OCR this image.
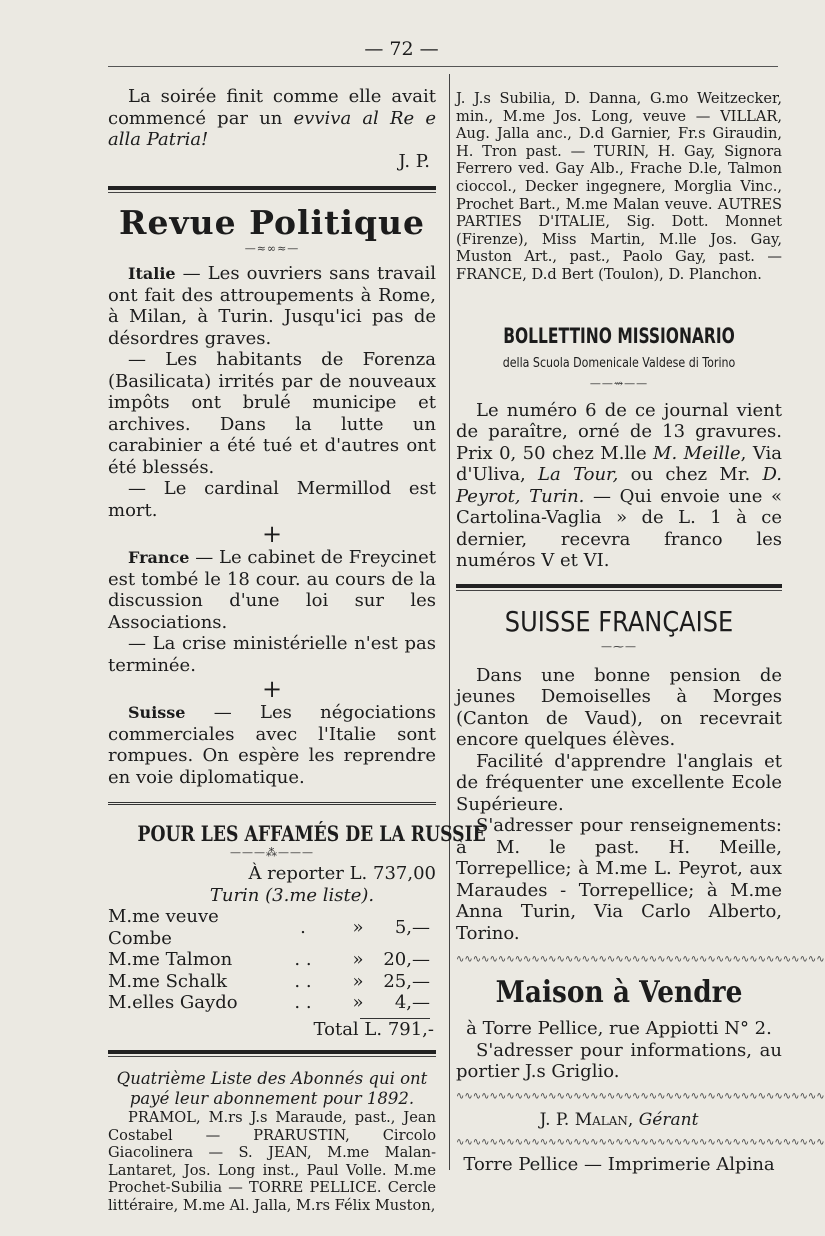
— 72 —

La soirée finit comme elle avait commencé par un evviva al Re e alla Patria!

J. P.

Revue Politique

—≈∞≈—

Italie — Les ouvriers sans travail ont fait des attroupements à Rome, à Milan, à Turin. Jusqu'ici pas de désordres graves.

— Les habitants de Forenza (Basilicata) irrités par de nouveaux impôts ont brulé municipe et archives. Dans la lutte un carabinier a été tué et d'autres ont été blessés.

— Le cardinal Mermillod est mort.

+

France — Le cabinet de Freycinet est tombé le 18 cour. au cours de la discussion d'une loi sur les Associations.

— La crise ministérielle n'est pas terminée.

+

Suisse — Les négociations commerciales avec l'Italie sont rompues. On espère les reprendre en voie diplomatique.

POUR LES AFFAMÉS DE LA RUSSIE

———⁂———

À reporter L. 737,00

Turin (3.me liste).

M.me veuve Combe	.	»	5,—
M.me Talmon	. .	»	20,—
M.me Schalk	. .	»	25,—
M.elles Gaydo	. .	»	4,—

Total L. 791,-

Quatrième Liste des Abonnés qui ont payé leur abonnement pour 1892.

PRAMOL, M.rs J.s Maraude, past., Jean Costabel — PRARUSTIN, Circolo Giacolinera — S. JEAN, M.me Malan-Lantaret, Jos. Long inst., Paul Volle. M.me Prochet-Subilia — TORRE PELLICE. Cercle littéraire, M.me Al. Jalla, M.rs Félix Muston,

J. J.s Subilia, D. Danna, G.mo Weitzecker, min., M.me Jos. Long, veuve — VILLAR, Aug. Jalla anc., D.d Garnier, Fr.s Giraudin, H. Tron past. — TURIN, H. Gay, Signora Ferrero ved. Gay Alb., Frache D.le, Talmon cioccol., Decker ingegnere, Morglia Vinc., Prochet Bart., M.me Malan veuve. AUTRES PARTIES D'ITALIE, Sig. Dott. Monnet (Firenze), Miss Martin, M.lle Jos. Gay, Muston Art., past., Paolo Gay, past. — FRANCE, D.d Bert (Toulon), D. Planchon.

BOLLETTINO MISSIONARIO

della Scuola Domenicale Valdese di Torino

——⇝——

Le numéro 6 de ce journal vient de paraître, orné de 13 gravures. Prix 0, 50 chez M.lle M. Meille, Via d'Uliva, La Tour, ou chez Mr. D. Peyrot, Turin. — Qui envoie une « Cartolina-Vaglia » de L. 1 à ce dernier, recevra franco les numéros V et VI.

SUISSE FRANÇAISE

—⁓—

Dans une bonne pension de jeunes Demoiselles à Morges (Canton de Vaud), on recevrait encore quelques élèves.

Facilité d'apprendre l'anglais et de fréquenter une excellente Ecole Supérieure.

S'adresser pour renseignements: à M. le past. H. Meille, Torrepellice; à M.me L. Peyrot, aux Maraudes - Torrepellice; à M.me Anna Turin, Via Carlo Alberto, Torino.

∿∿∿∿∿∿∿∿∿∿∿∿∿∿∿∿∿∿∿∿∿∿∿∿∿∿∿∿∿∿∿∿∿∿∿∿∿∿∿∿∿∿∿∿

Maison à Vendre

à Torre Pellice, rue Appiotti N° 2.

S'adresser pour informations, au portier J.s Griglio.

∿∿∿∿∿∿∿∿∿∿∿∿∿∿∿∿∿∿∿∿∿∿∿∿∿∿∿∿∿∿∿∿∿∿∿∿∿∿∿∿∿∿∿∿

J. P. Malan, Gérant

∿∿∿∿∿∿∿∿∿∿∿∿∿∿∿∿∿∿∿∿∿∿∿∿∿∿∿∿∿∿∿∿∿∿∿∿∿∿∿∿∿∿∿∿

Torre Pellice — Imprimerie Alpina
